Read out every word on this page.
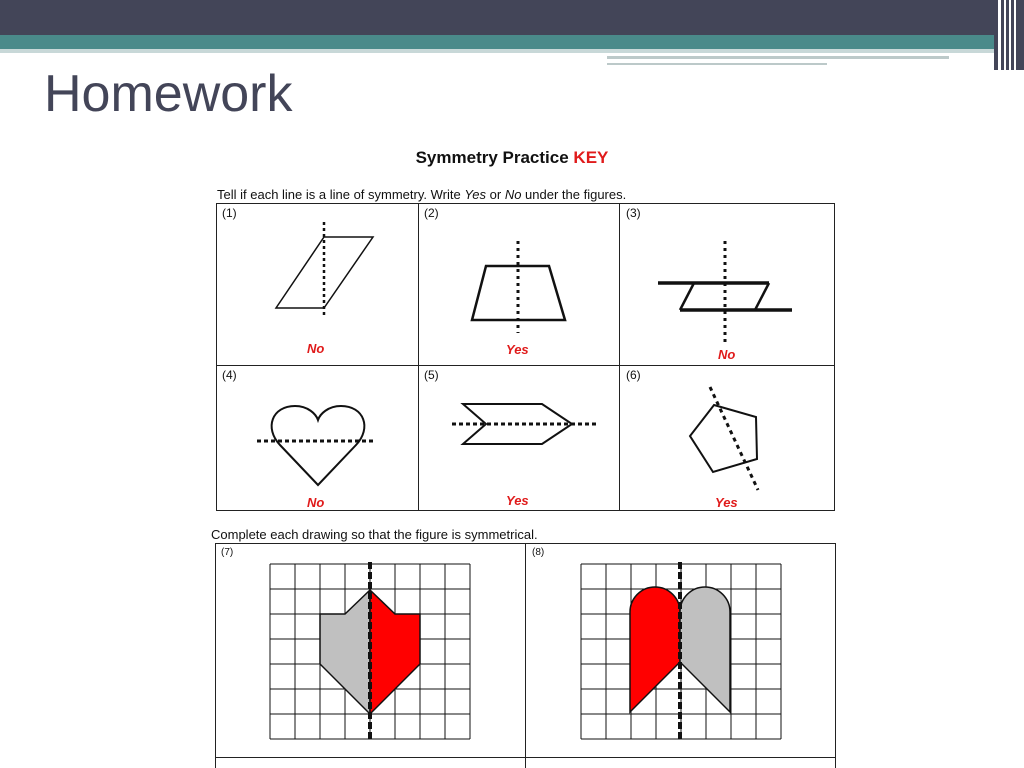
Homework
Symmetry Practice KEY
Tell if each line is a line of symmetry. Write Yes or No under the figures.
Complete each drawing so that the figure is symmetrical.
(1)	(2)	(3)
(4)	(5)	(6)
No	Yes	No
No	Yes	Yes
(7)	(8)
